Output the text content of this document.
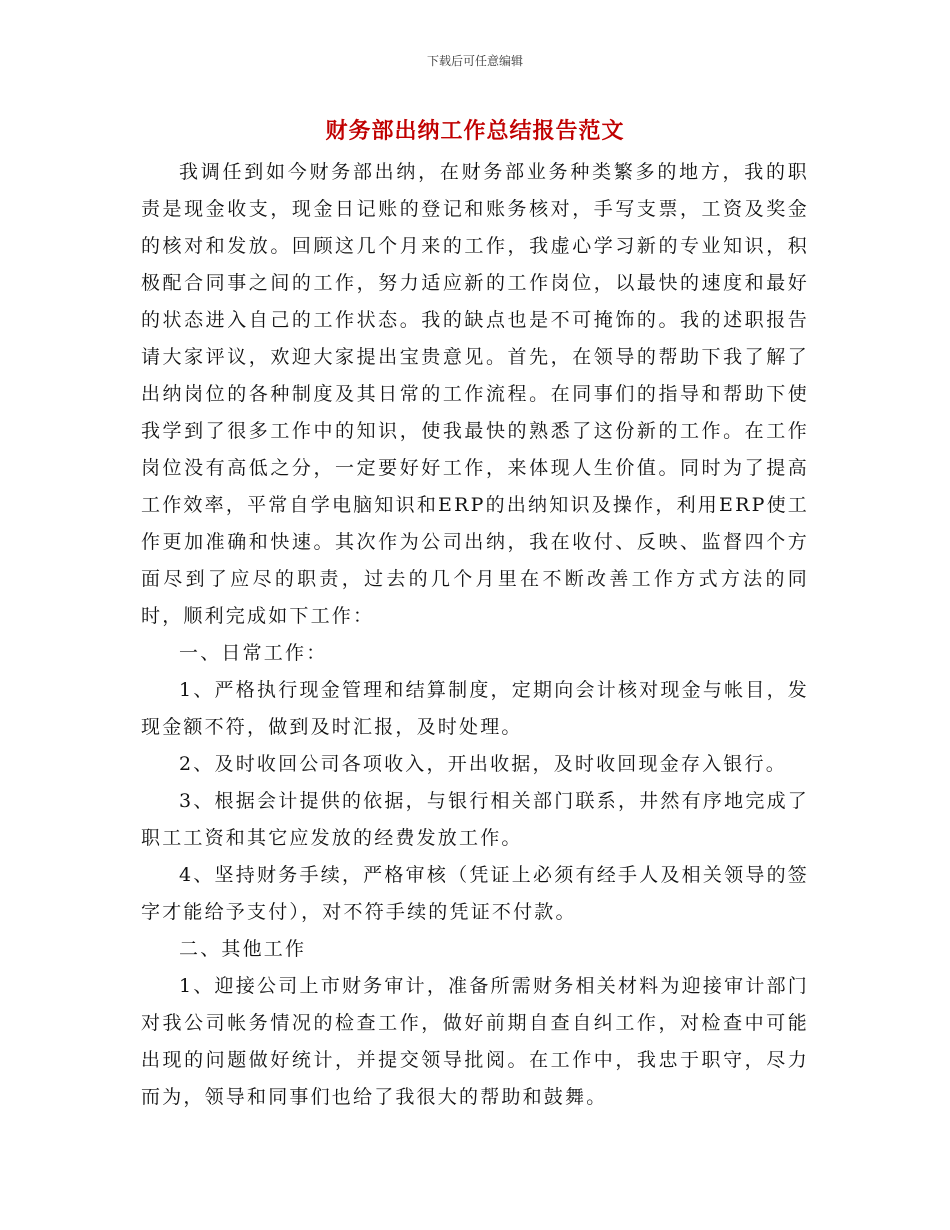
下载后可任意编辑
财务部出纳工作总结报告范文

我调任到如今财务部出纳，在财务部业务种类繁多的地方，我的职责是现金收支，现金日记账的登记和账务核对，手写支票，工资及奖金的核对和发放。回顾这几个月来的工作，我虚心学习新的专业知识，积极配合同事之间的工作，努力适应新的工作岗位，以最快的速度和最好的状态进入自己的工作状态。我的缺点也是不可掩饰的。我的述职报告请大家评议，欢迎大家提出宝贵意见。首先，在领导的帮助下我了解了出纳岗位的各种制度及其日常的工作流程。在同事们的指导和帮助下使我学到了很多工作中的知识，使我最快的熟悉了这份新的工作。在工作岗位没有高低之分，一定要好好工作，来体现人生价值。同时为了提高工作效率，平常自学电脑知识和ERP的出纳知识及操作，利用ERP使工作更加准确和快速。其次作为公司出纳，我在收付、反映、监督四个方面尽到了应尽的职责，过去的几个月里在不断改善工作方式方法的同时，顺利完成如下工作：

一、日常工作：

1、严格执行现金管理和结算制度，定期向会计核对现金与帐目，发现金额不符，做到及时汇报，及时处理。

2、及时收回公司各项收入，开出收据，及时收回现金存入银行。

3、根据会计提供的依据，与银行相关部门联系，井然有序地完成了职工工资和其它应发放的经费发放工作。

4、坚持财务手续，严格审核（凭证上必须有经手人及相关领导的签字才能给予支付），对不符手续的凭证不付款。

二、其他工作

1、迎接公司上市财务审计，准备所需财务相关材料为迎接审计部门对我公司帐务情况的检查工作，做好前期自查自纠工作，对检查中可能出现的问题做好统计，并提交领导批阅。在工作中，我忠于职守，尽力而为，领导和同事们也给了我很大的帮助和鼓舞。
